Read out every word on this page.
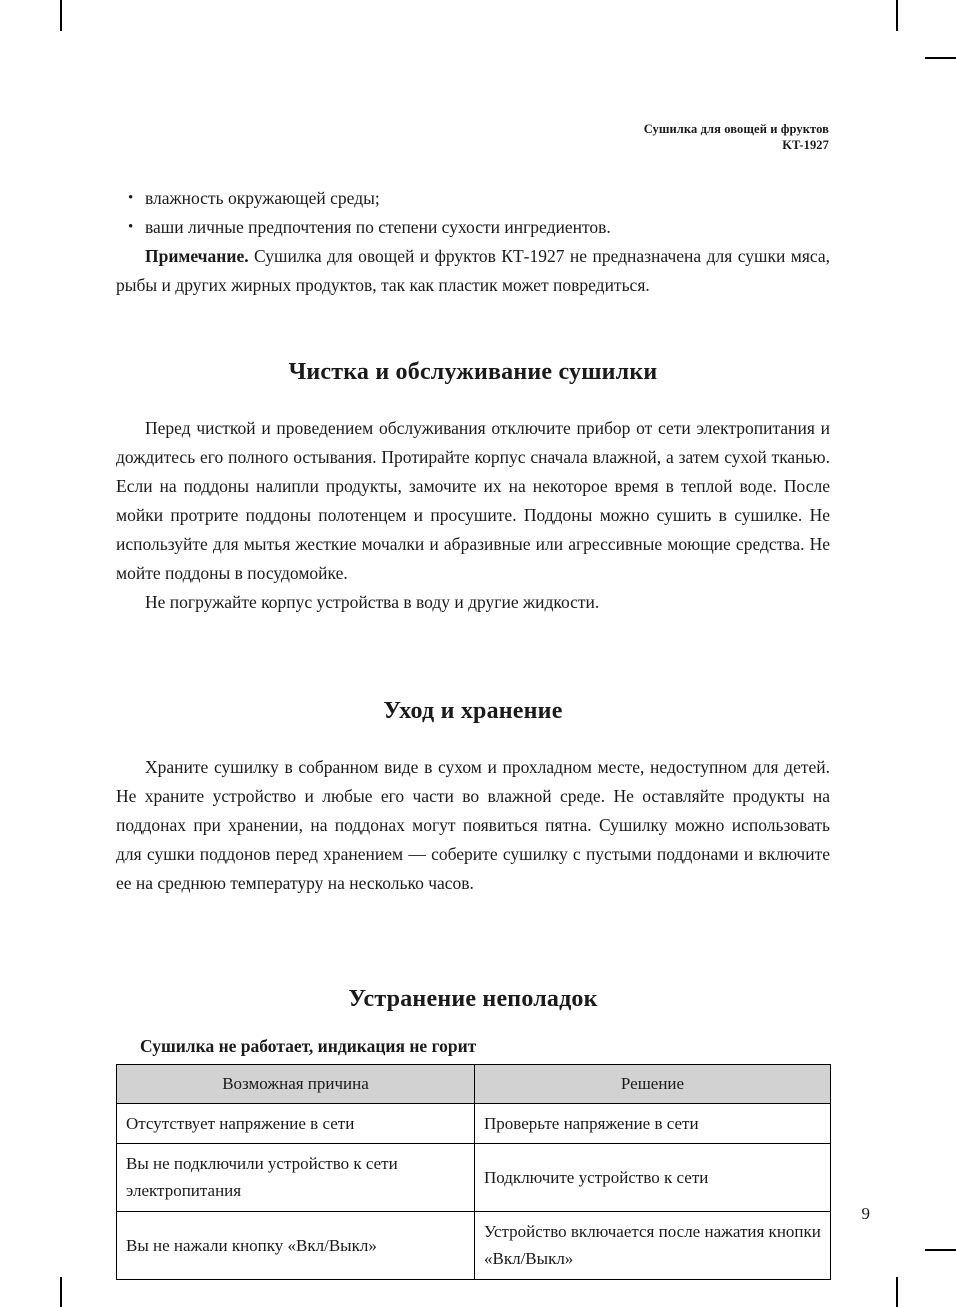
Сушилка для овощей и фруктов
KT-1927
• влажность окружающей среды;
• ваши личные предпочтения по степени сухости ингредиентов.

Примечание. Сушилка для овощей и фруктов КТ-1927 не предназначена для сушки мяса, рыбы и других жирных продуктов, так как пластик может повредиться.

Чистка и обслуживание сушилки

Перед чисткой и проведением обслуживания отключите прибор от сети электропитания и дождитесь его полного остывания. Протирайте корпус сначала влажной, а затем сухой тканью. Если на поддоны налипли продукты, замочите их на некоторое время в теплой воде. После мойки протрите поддоны полотенцем и просушите. Поддоны можно сушить в сушилке. Не используйте для мытья жесткие мочалки и абразивные или агрессивные моющие средства. Не мойте поддоны в посудомойке.

Не погружайте корпус устройства в воду и другие жидкости.

Уход и хранение

Храните сушилку в собранном виде в сухом и прохладном месте, недоступном для детей. Не храните устройство и любые его части во влажной среде. Не оставляйте продукты на поддонах при хранении, на поддонах могут появиться пятна. Сушилку можно использовать для сушки поддонов перед хранением — соберите сушилку с пустыми поддонами и включите ее на среднюю температуру на несколько часов.

Устранение неполадок
Сушилка не работает, индикация не горит
Возможная причина	Решение
Отсутствует напряжение в сети	Проверьте напряжение в сети
Вы не подключили устройство к сети электропитания	Подключите устройство к сети
Вы не нажали кнопку «Вкл/Выкл»	Устройство включается после нажатия кнопки «Вкл/Выкл»
9
